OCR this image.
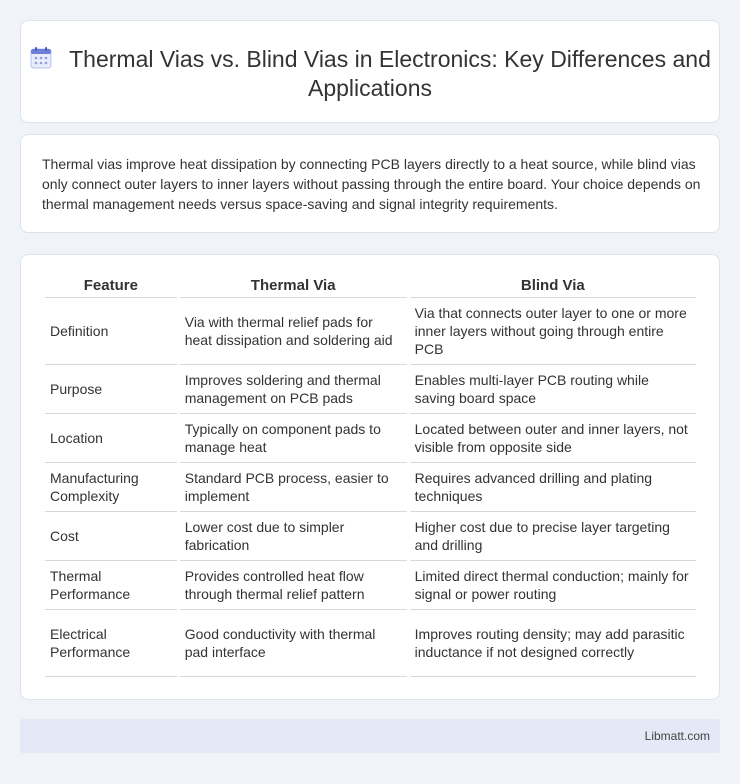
Thermal Vias vs. Blind Vias in Electronics: Key Differences and Applications

Thermal vias improve heat dissipation by connecting PCB layers directly to a heat source, while blind vias only connect outer layers to inner layers without passing through the entire board. Your choice depends on thermal management needs versus space-saving and signal integrity requirements.

Feature	Thermal Via	Blind Via
Definition	Via with thermal relief pads for heat dissipation and soldering aid	Via that connects outer layer to one or more inner layers without going through entire PCB
Purpose	Improves soldering and thermal management on PCB pads	Enables multi-layer PCB routing while saving board space
Location	Typically on component pads to manage heat	Located between outer and inner layers, not visible from opposite side
Manufacturing Complexity	Standard PCB process, easier to implement	Requires advanced drilling and plating techniques
Cost	Lower cost due to simpler fabrication	Higher cost due to precise layer targeting and drilling
Thermal Performance	Provides controlled heat flow through thermal relief pattern	Limited direct thermal conduction; mainly for signal or power routing
Electrical Performance	Good conductivity with thermal pad interface	Improves routing density; may add parasitic inductance if not designed correctly
Libmatt.com
